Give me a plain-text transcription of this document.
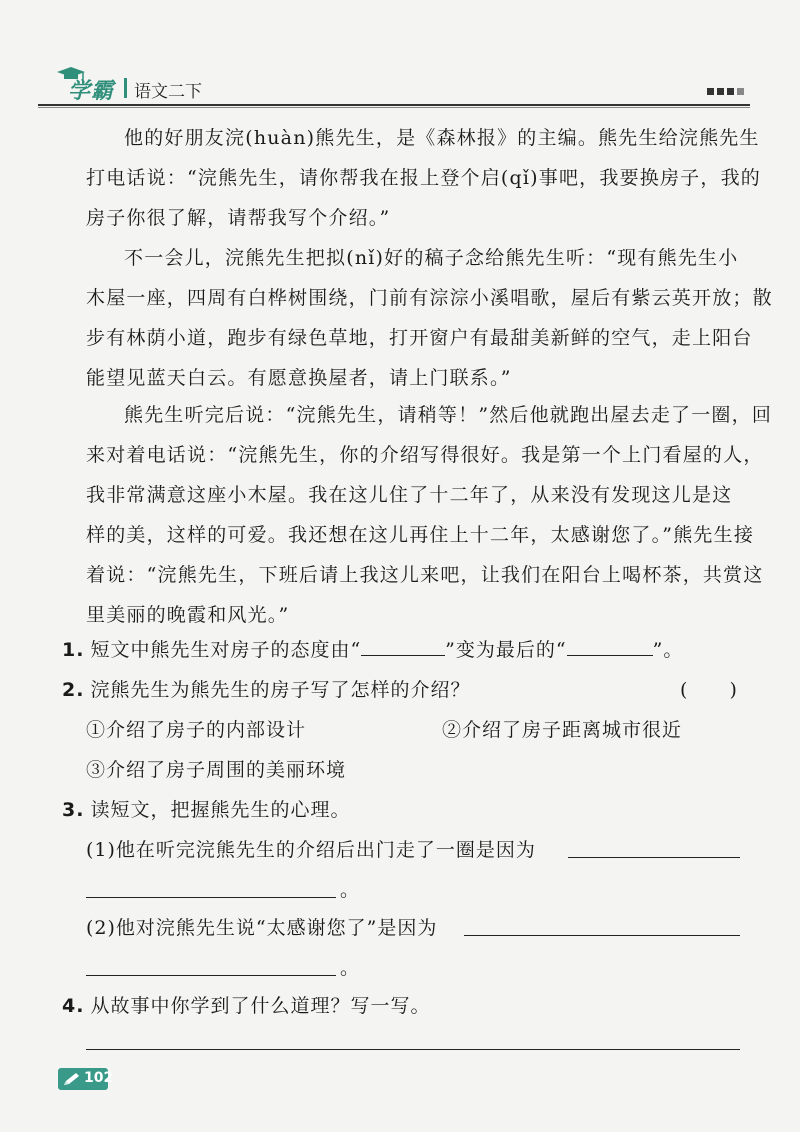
学霸 语文二下
他的好朋友浣(huàn)熊先生，是《森林报》的主编。熊先生给浣熊先生
打电话说：“浣熊先生，请你帮我在报上登个启(qǐ)事吧，我要换房子，我的
房子你很了解，请帮我写个介绍。”
不一会儿，浣熊先生把拟(nǐ)好的稿子念给熊先生听：“现有熊先生小
木屋一座，四周有白桦树围绕，门前有淙淙小溪唱歌，屋后有紫云英开放；散
步有林荫小道，跑步有绿色草地，打开窗户有最甜美新鲜的空气，走上阳台
能望见蓝天白云。有愿意换屋者，请上门联系。”
熊先生听完后说：“浣熊先生，请稍等！”然后他就跑出屋去走了一圈，回
来对着电话说：“浣熊先生，你的介绍写得很好。我是第一个上门看屋的人，
我非常满意这座小木屋。我在这儿住了十二年了，从来没有发现这儿是这
样的美，这样的可爱。我还想在这儿再住上十二年，太感谢您了。”熊先生接
着说：“浣熊先生，下班后请上我这儿来吧，让我们在阳台上喝杯茶，共赏这
里美丽的晚霞和风光。”
1. 短文中熊先生对房子的态度由“	”变为最后的“	”。
2. 浣熊先生为熊先生的房子写了怎样的介绍？	( )
①介绍了房子的内部设计	②介绍了房子距离城市很近
③介绍了房子周围的美丽环境
3. 读短文，把握熊先生的心理。
(1)他在听完浣熊先生的介绍后出门走了一圈是因为
。
(2)他对浣熊先生说“太感谢您了”是因为
。
4. 从故事中你学到了什么道理？写一写。
102
